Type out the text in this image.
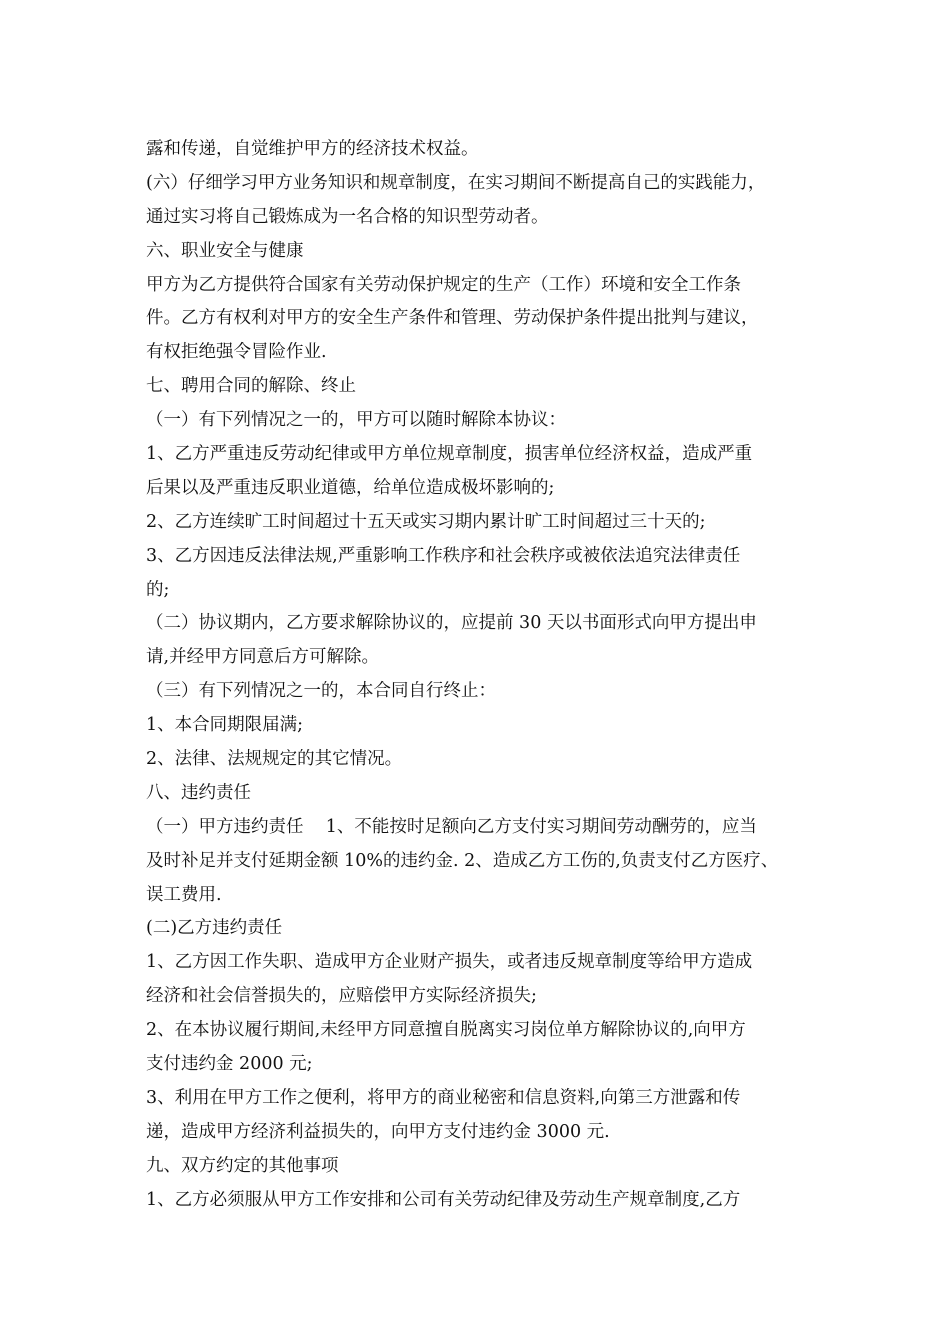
露和传递，自觉维护甲方的经济技术权益。
(六）仔细学习甲方业务知识和规章制度，在实习期间不断提高自己的实践能力，
通过实习将自己锻炼成为一名合格的知识型劳动者。
六、职业安全与健康
甲方为乙方提供符合国家有关劳动保护规定的生产（工作）环境和安全工作条
件。乙方有权利对甲方的安全生产条件和管理、劳动保护条件提出批判与建议，
有权拒绝强令冒险作业.
七、聘用合同的解除、终止
（一）有下列情况之一的，甲方可以随时解除本协议：
1、乙方严重违反劳动纪律或甲方单位规章制度，损害单位经济权益，造成严重
后果以及严重违反职业道德，给单位造成极坏影响的;
2、乙方连续旷工时间超过十五天或实习期内累计旷工时间超过三十天的;
3、乙方因违反法律法规,严重影响工作秩序和社会秩序或被依法追究法律责任
的;
（二）协议期内，乙方要求解除协议的，应提前 30 天以书面形式向甲方提出申
请,并经甲方同意后方可解除。
（三）有下列情况之一的，本合同自行终止：
1、本合同期限届满;
2、法律、法规规定的其它情况。
八、违约责任
（一）甲方违约责任    1、不能按时足额向乙方支付实习期间劳动酬劳的，应当
及时补足并支付延期金额 10%的违约金. 2、造成乙方工伤的,负责支付乙方医疗、
误工费用.
(二)乙方违约责任
1、乙方因工作失职、造成甲方企业财产损失，或者违反规章制度等给甲方造成
经济和社会信誉损失的，应赔偿甲方实际经济损失;
2、在本协议履行期间,未经甲方同意擅自脱离实习岗位单方解除协议的,向甲方
支付违约金 2000 元;
3、利用在甲方工作之便利，将甲方的商业秘密和信息资料,向第三方泄露和传
递，造成甲方经济利益损失的，向甲方支付违约金 3000 元.
九、双方约定的其他事项
1、乙方必须服从甲方工作安排和公司有关劳动纪律及劳动生产规章制度,乙方
